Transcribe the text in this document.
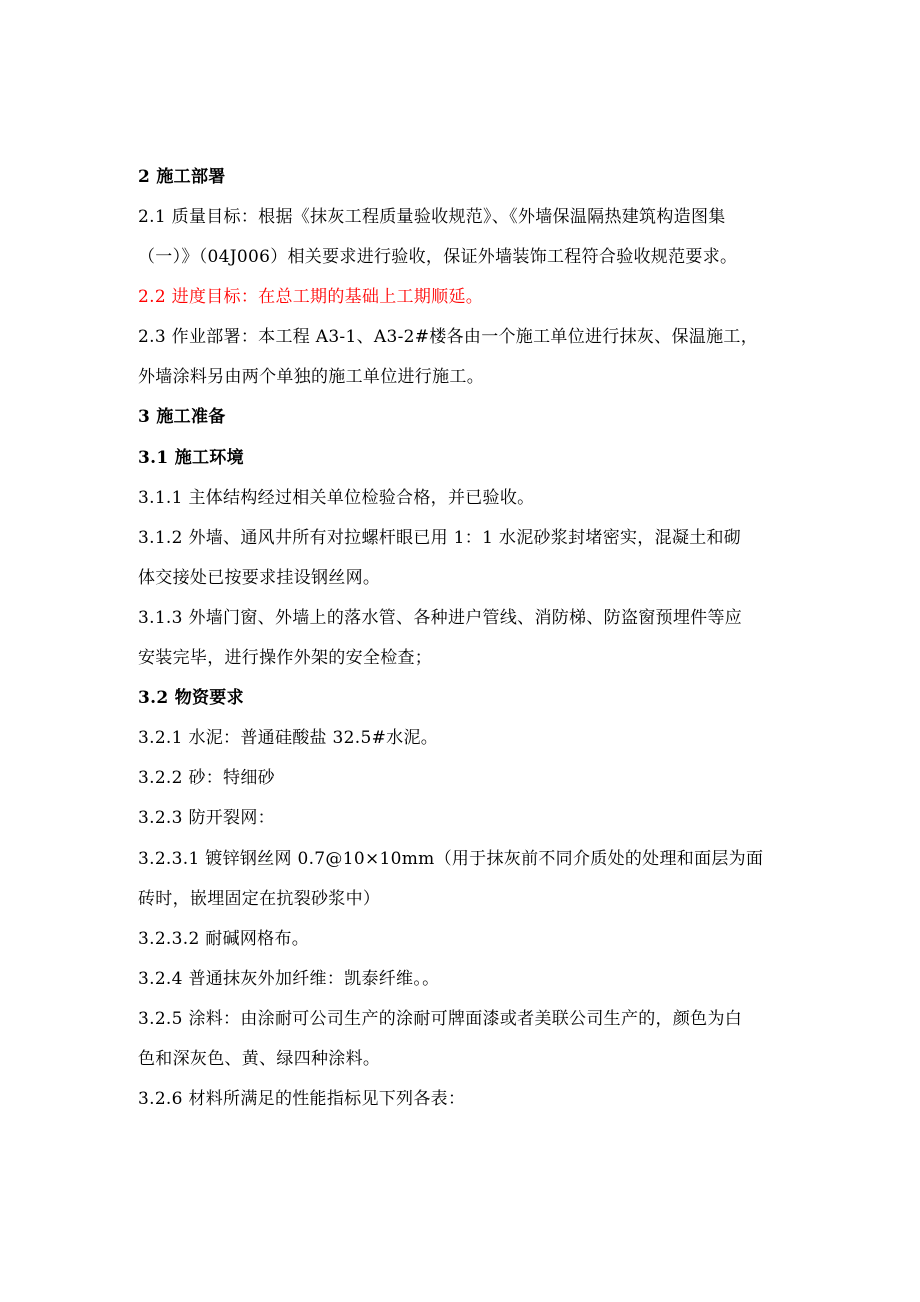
2 施工部署
2.1 质量目标：根据《抹灰工程质量验收规范》、《外墙保温隔热建筑构造图集
（一）》（04J006）相关要求进行验收，保证外墙装饰工程符合验收规范要求。
2.2 进度目标：在总工期的基础上工期顺延。
2.3 作业部署：本工程 A3-1、A3-2#楼各由一个施工单位进行抹灰、保温施工，
外墙涂料另由两个单独的施工单位进行施工。
3 施工准备
3.1 施工环境
3.1.1 主体结构经过相关单位检验合格，并已验收。
3.1.2 外墙、通风井所有对拉螺杆眼已用 1：1 水泥砂浆封堵密实，混凝土和砌
体交接处已按要求挂设钢丝网。
3.1.3 外墙门窗、外墙上的落水管、各种进户管线、消防梯、防盗窗预埋件等应
安装完毕，进行操作外架的安全检查；
3.2 物资要求
3.2.1 水泥：普通硅酸盐 32.5#水泥。
3.2.2 砂：特细砂
3.2.3 防开裂网：
3.2.3.1 镀锌钢丝网 0.7@10×10mm（用于抹灰前不同介质处的处理和面层为面
砖时，嵌埋固定在抗裂砂浆中）
3.2.3.2 耐碱网格布。
3.2.4 普通抹灰外加纤维：凯泰纤维。。
3.2.5 涂料：由涂耐可公司生产的涂耐可牌面漆或者美联公司生产的，颜色为白
色和深灰色、黄、绿四种涂料。
3.2.6 材料所满足的性能指标见下列各表：
